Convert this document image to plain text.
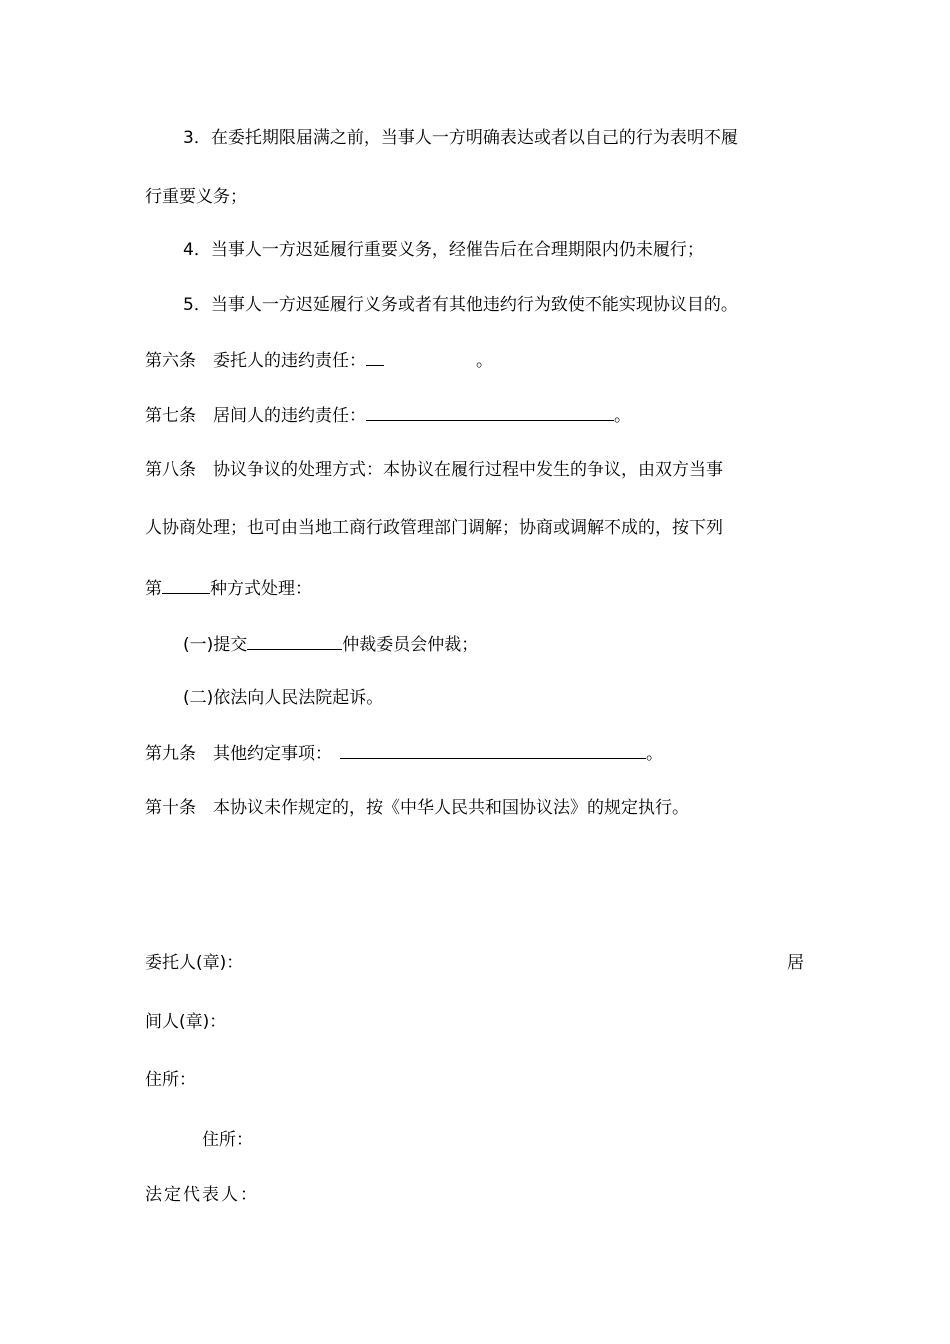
3．在委托期限届满之前，当事人一方明确表达或者以自己的行为表明不履
行重要义务；
4．当事人一方迟延履行重要义务，经催告后在合理期限内仍未履行；
5．当事人一方迟延履行义务或者有其他违约行为致使不能实现协议目的。
第六条　委托人的违约责任：	。
第七条　居间人的违约责任：	。
第八条　协议争议的处理方式：本协议在履行过程中发生的争议，由双方当事
人协商处理；也可由当地工商行政管理部门调解；协商或调解不成的，按下列
第	种方式处理：
(一)提交	仲裁委员会仲裁；
(二)依法向人民法院起诉。
第九条　其他约定事项：	。
第十条　本协议未作规定的，按《中华人民共和国协议法》的规定执行。
委托人(章)：	居
间人(章)：
住所：
住所：
法定代表人：
